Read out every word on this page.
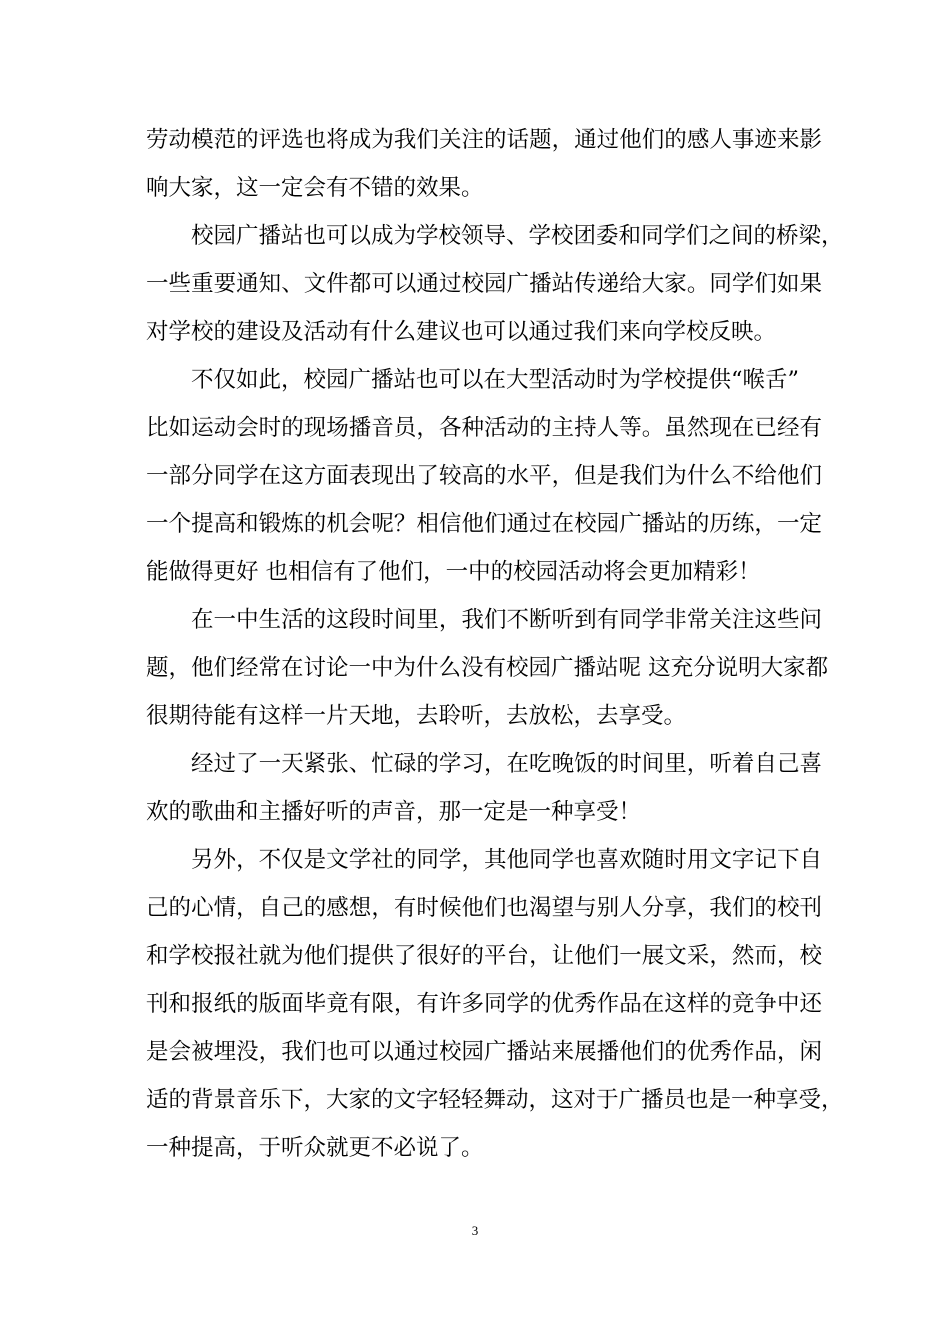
劳动模范的评选也将成为我们关注的话题，通过他们的感人事迹来影
响大家，这一定会有不错的效果。
校园广播站也可以成为学校领导、学校团委和同学们之间的桥梁，
一些重要通知、文件都可以通过校园广播站传递给大家。同学们如果
对学校的建设及活动有什么建议也可以通过我们来向学校反映。
不仅如此，校园广播站也可以在大型活动时为学校提供“喉舌”
比如运动会时的现场播音员，各种活动的主持人等。虽然现在已经有
一部分同学在这方面表现出了较高的水平，但是我们为什么不给他们
一个提高和锻炼的机会呢？相信他们通过在校园广播站的历练，一定
能做得更好 也相信有了他们，一中的校园活动将会更加精彩！
在一中生活的这段时间里，我们不断听到有同学非常关注这些问
题，他们经常在讨论一中为什么没有校园广播站呢 这充分说明大家都
很期待能有这样一片天地，去聆听，去放松，去享受。
经过了一天紧张、忙碌的学习，在吃晚饭的时间里，听着自己喜
欢的歌曲和主播好听的声音，那一定是一种享受！
另外，不仅是文学社的同学，其他同学也喜欢随时用文字记下自
己的心情，自己的感想，有时候他们也渴望与别人分享，我们的校刊
和学校报社就为他们提供了很好的平台，让他们一展文采，然而，校
刊和报纸的版面毕竟有限，有许多同学的优秀作品在这样的竞争中还
是会被埋没，我们也可以通过校园广播站来展播他们的优秀作品，闲
适的背景音乐下，大家的文字轻轻舞动，这对于广播员也是一种享受，
一种提高，于听众就更不必说了。
3
